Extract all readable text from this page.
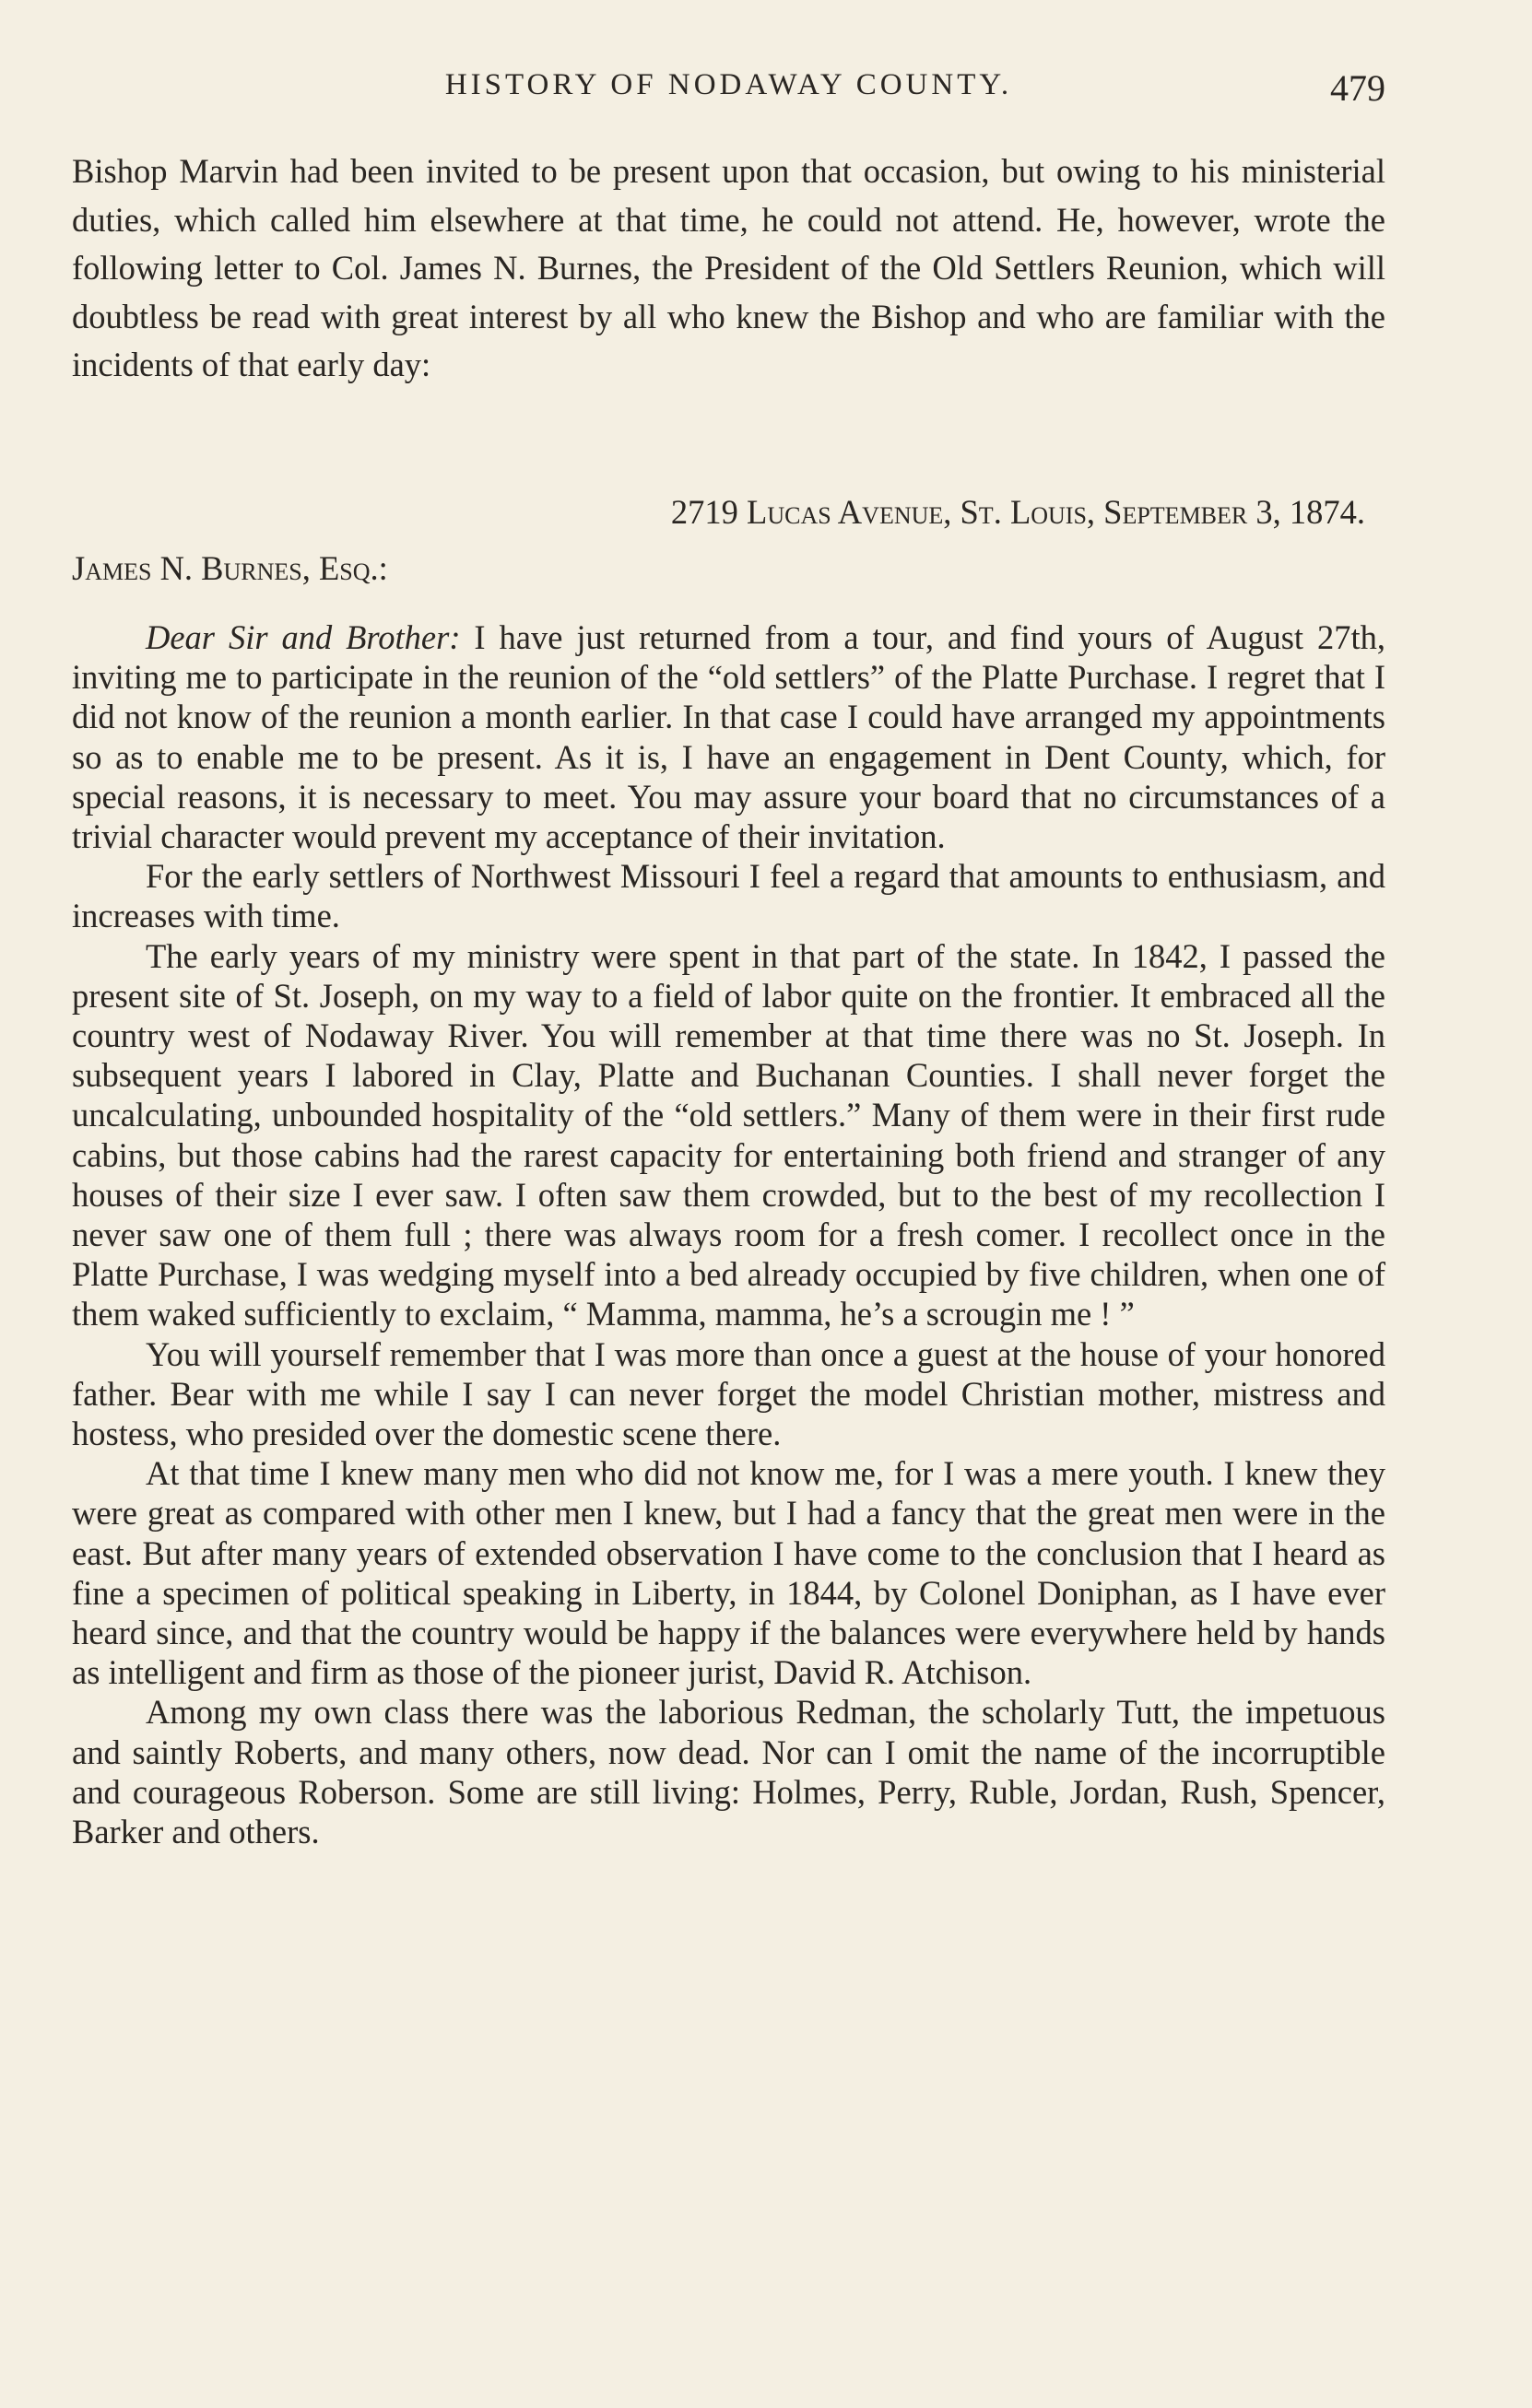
HISTORY OF NODAWAY COUNTY.	479

Bishop Marvin had been invited to be present upon that occasion, but owing to his ministerial duties, which called him elsewhere at that time, he could not attend. He, however, wrote the following letter to Col. James N. Burnes, the President of the Old Settlers Reunion, which will doubtless be read with great interest by all who knew the Bishop and who are familiar with the incidents of that early day:

2719 Lucas Avenue, St. Louis, September 3, 1874.
James N. Burnes, Esq.:

Dear Sir and Brother: I have just returned from a tour, and find yours of August 27th, inviting me to participate in the reunion of the “old settlers” of the Platte Purchase. I regret that I did not know of the reunion a month earlier. In that case I could have arranged my appointments so as to enable me to be present. As it is, I have an engagement in Dent County, which, for special reasons, it is necessary to meet. You may assure your board that no circumstances of a trivial character would prevent my acceptance of their invitation.

For the early settlers of Northwest Missouri I feel a regard that amounts to enthusiasm, and increases with time.

The early years of my ministry were spent in that part of the state. In 1842, I passed the present site of St. Joseph, on my way to a field of labor quite on the frontier. It embraced all the country west of Nodaway River. You will remember at that time there was no St. Joseph. In subsequent years I labored in Clay, Platte and Buchanan Counties. I shall never forget the uncalculating, unbounded hospitality of the “old settlers.” Many of them were in their first rude cabins, but those cabins had the rarest capacity for entertaining both friend and stranger of any houses of their size I ever saw. I often saw them crowded, but to the best of my recollection I never saw one of them full ; there was always room for a fresh comer. I recollect once in the Platte Purchase, I was wedging myself into a bed already occupied by five children, when one of them waked sufficiently to exclaim, “ Mamma, mamma, he’s a scrougin me ! ”

You will yourself remember that I was more than once a guest at the house of your honored father. Bear with me while I say I can never forget the model Christian mother, mistress and hostess, who presided over the domestic scene there.

At that time I knew many men who did not know me, for I was a mere youth. I knew they were great as compared with other men I knew, but I had a fancy that the great men were in the east. But after many years of extended observation I have come to the conclusion that I heard as fine a specimen of political speaking in Liberty, in 1844, by Colonel Doniphan, as I have ever heard since, and that the country would be happy if the balances were everywhere held by hands as intelligent and firm as those of the pioneer jurist, David R. Atchison.

Among my own class there was the laborious Redman, the scholarly Tutt, the impetuous and saintly Roberts, and many others, now dead. Nor can I omit the name of the incorruptible and courageous Roberson. Some are still living: Holmes, Perry, Ruble, Jordan, Rush, Spencer, Barker and others.
